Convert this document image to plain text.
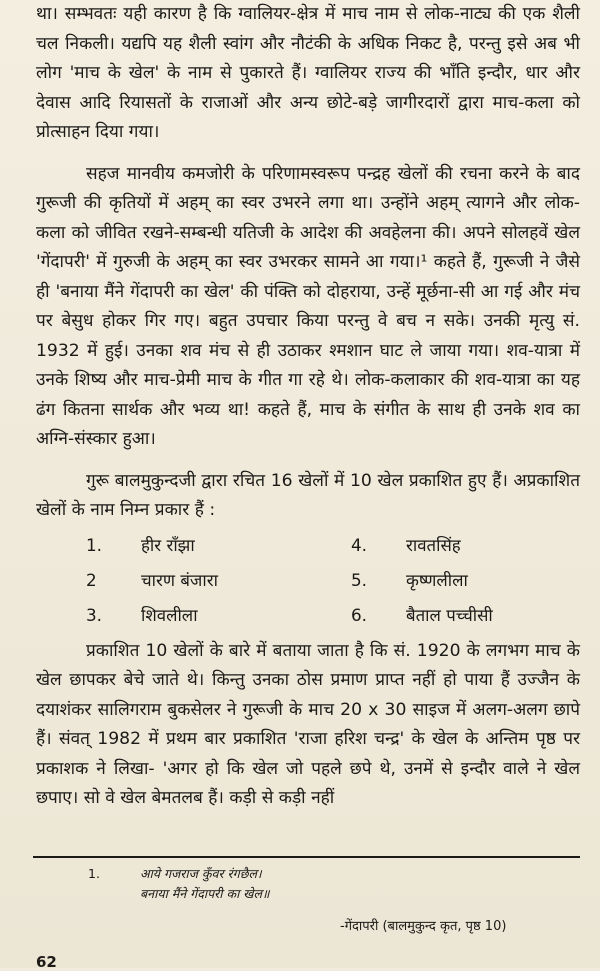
था। सम्भवतः यही कारण है कि ग्वालियर-क्षेत्र में माच नाम से लोक-नाट्य की एक शैली चल निकली। यद्यपि यह शैली स्वांग और नौटंकी के अधिक निकट है, परन्तु इसे अब भी लोग 'माच के खेल' के नाम से पुकारते हैं। ग्वालियर राज्य की भाँति इन्दौर, धार और देवास आदि रियासतों के राजाओं और अन्य छोटे-बड़े जागीरदारों द्वारा माच-कला को प्रोत्साहन दिया गया।

सहज मानवीय कमजोरी के परिणामस्वरूप पन्द्रह खेलों की रचना करने के बाद गुरूजी की कृतियों में अहम् का स्वर उभरने लगा था। उन्होंने अहम् त्यागने और लोक-कला को जीवित रखने-सम्बन्धी यतिजी के आदेश की अवहेलना की। अपने सोलहवें खेल 'गेंदापरी' में गुरुजी के अहम् का स्वर उभरकर सामने आ गया।¹ कहते हैं, गुरूजी ने जैसे ही 'बनाया मैंने गेंदापरी का खेल' की पंक्ति को दोहराया, उन्हें मूर्छना-सी आ गई और मंच पर बेसुध होकर गिर गए। बहुत उपचार किया परन्तु वे बच न सके। उनकी मृत्यु सं. 1932 में हुई। उनका शव मंच से ही उठाकर श्मशान घाट ले जाया गया। शव-यात्रा में उनके शिष्य और माच-प्रेमी माच के गीत गा रहे थे। लोक-कलाकार की शव-यात्रा का यह ढंग कितना सार्थक और भव्य था! कहते हैं, माच के संगीत के साथ ही उनके शव का अग्नि-संस्कार हुआ।

गुरू बालमुकुन्दजी द्वारा रचित 16 खेलों में 10 खेल प्रकाशित हुए हैं। अप्रकाशित खेलों के नाम निम्न प्रकार हैं :

1.	हीर राँझा	4.	रावतसिंह
2	चारण बंजारा	5.	कृष्णलीला
3.	शिवलीला	6.	बैताल पच्चीसी

प्रकाशित 10 खेलों के बारे में बताया जाता है कि सं. 1920 के लगभग माच के खेल छापकर बेचे जाते थे। किन्तु उनका ठोस प्रमाण प्राप्त नहीं हो पाया हैं उज्जैन के दयाशंकर सालिगराम बुकसेलर ने गुरूजी के माच 20 x 30 साइज में अलग-अलग छापे हैं। संवत् 1982 में प्रथम बार प्रकाशित 'राजा हरिश चन्द्र' के खेल के अन्तिम पृष्ठ पर प्रकाशक ने लिखा- 'अगर हो कि खेल जो पहले छपे थे, उनमें से इन्दौर वाले ने खेल छपाए। सो वे खेल बेमतलब हैं। कड़ी से कड़ी नहीं

1.	आये गजराज कुँवर रंगछैल।
बनाया मैंने गेंदापरी का खेल॥
-गेंदापरी (बालमुकुन्द कृत, पृष्ठ 10)
62
